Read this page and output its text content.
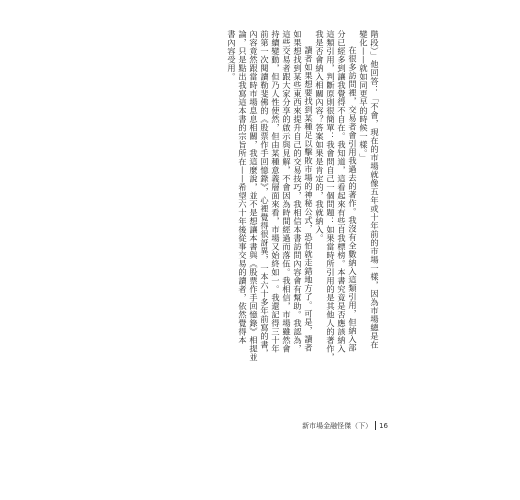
階段）」他回答：「不會，現在的市場就像五年或十年前的市場一樣，因為市場總是在
變化——就如同更早的時候一樣。」
在很多訪問裡，交易者會引用我過去的著作。我沒有全數納入這類引用，但納入部
分已經多到讓我覺得不自在。我知道，這看起來有些自我標榜。本書究竟是否應該納入
這類引用，判斷原則很簡單：我會問自己一個問題：如果當時所引用的是其他人的著作，
我是否會納入相關內容？答案如果是肯定的，我就納入。
讀者如果想要找到某種足以擊敗市場的神秘公式，恐怕就走錯地方了。可是，讀者
如果想找到某些東西來提升自己的交易技巧，我相信本書訪問內容會有幫助。我認為，
這些交易者跟大家分享的啟示與見解，不會因為時間經過而落伍。我相信，市場雖然會
持續變動，但乃人性使然，但由某種意義層面來看，市場又始終如一。我還記得三十年
前第一次閱讀勒斐佛的《股票作手回憶錄》，心裡覺得很訝異，一本六十多年前寫的書，
內容竟然跟當時市場息息相關，我這麼說，並不是想讓本書與《股票作手回憶錄》相提並
論，只是點出我寫這本書的宗旨所在——希望六十年後從事交易的讀者，依然覺得本
書內容受用。
新市場金融怪傑（下） 16
